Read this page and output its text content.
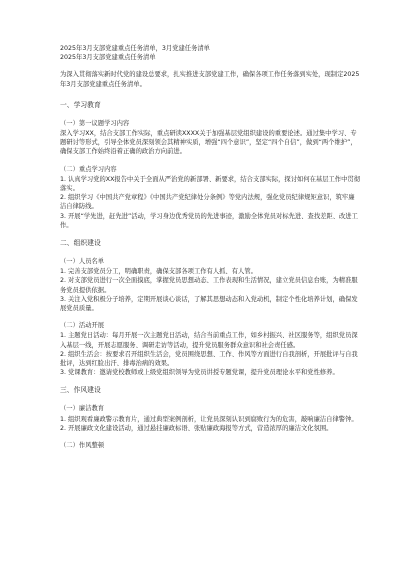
2025年3月支部党建重点任务清单，3月党建任务清单

2025年3月支部党建重点任务清单

为深入贯彻落实新时代党的建设总要求，扎实推进支部党建工作，确保各项工作任务落到实处，现制定2025年3月支部党建重点任务清单。

一、学习教育

（一）第一议题学习内容

深入学习XX，结合支部工作实际，重点研读XXXX关于加强基层党组织建设的重要论述。通过集中学习、专题研讨等形式，引导全体党员深刻领会其精神实质，增强“四个意识”，坚定“四个自信”，做到“两个维护”，确保支部工作始终沿着正确的政治方向前进。

（二）重点学习内容

1. 认真学习党的XX报告中关于全面从严治党的新部署、新要求，结合支部实际，探讨如何在基层工作中贯彻落实。

2. 组织学习《中国共产党章程》《中国共产党纪律处分条例》等党内法规，强化党员纪律规矩意识，筑牢廉洁自律防线。

3. 开展“学先进，赶先进”活动，学习身边优秀党员的先进事迹，激励全体党员对标先进、查找差距、改进工作。

二、组织建设

（一）人员名单

1. 完善支部党员分工，明确职责，确保支部各项工作有人抓、有人管。

2. 对支部党员进行一次全面摸底，掌握党员思想动态、工作表现和生活情况，建立党员信息台账，为精准服务党员提供依据。

3. 关注入党积极分子培养，定期开展谈心谈话，了解其思想动态和入党动机，制定个性化培养计划，确保发展党员质量。

（二）活动开展

1. 主题党日活动：每月开展一次主题党日活动，结合当前重点工作，如乡村振兴、社区服务等，组织党员深入基层一线，开展志愿服务、调研走访等活动，提升党员服务群众意识和社会责任感。

2. 组织生活会：按要求召开组织生活会，党员围绕思想、工作、作风等方面进行自我剖析，开展批评与自我批评，达到红脸出汗、排毒治病的效果。

3. 党课教育：邀请党校教师或上级党组织领导为党员讲授专题党课，提升党员理论水平和党性修养。

三、作风建设

（一）廉洁教育

1. 组织观看廉政警示教育片，通过典型案例剖析，让党员深刻认识到腐败行为的危害，敲响廉洁自律警钟。

2. 开展廉政文化建设活动，通过悬挂廉政标语、张贴廉政海报等方式，营造浓厚的廉洁文化氛围。

（二）作风整顿
